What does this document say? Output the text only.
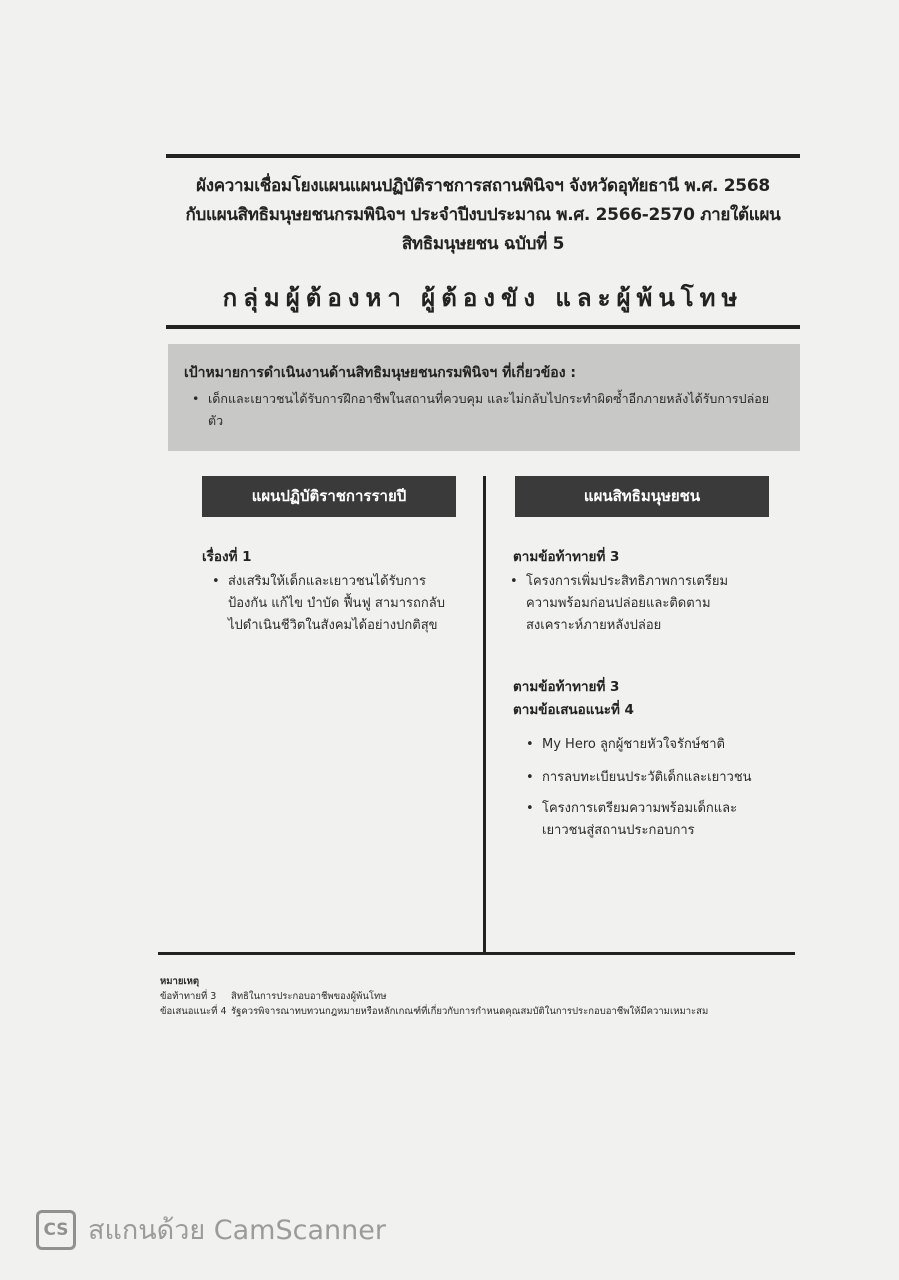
ผังความเชื่อมโยงแผนแผนปฏิบัติราชการสถานพินิจฯ จังหวัดอุทัยธานี พ.ศ. 2568
กับแผนสิทธิมนุษยชนกรมพินิจฯ ประจำปีงบประมาณ พ.ศ. 2566-2570 ภายใต้แผน
สิทธิมนุษยชน ฉบับที่ 5
กลุ่มผู้ต้องหา ผู้ต้องขัง และผู้พ้นโทษ
เป้าหมายการดำเนินงานด้านสิทธิมนุษยชนกรมพินิจฯ ที่เกี่ยวข้อง :
• เด็กและเยาวชนได้รับการฝึกอาชีพในสถานที่ควบคุม และไม่กลับไปกระทำผิดซ้ำอีกภายหลังได้รับการปล่อยตัว
แผนปฏิบัติราชการรายปี	แผนสิทธิมนุษยชน
เรื่องที่ 1
• ส่งเสริมให้เด็กและเยาวชนได้รับการป้องกัน แก้ไข บำบัด ฟื้นฟู สามารถกลับไปดำเนินชีวิตในสังคมได้อย่างปกติสุข
ตามข้อท้าทายที่ 3
• โครงการเพิ่มประสิทธิภาพการเตรียมความพร้อมก่อนปล่อยและติดตามสงเคราะห์ภายหลังปล่อย
ตามข้อท้าทายที่ 3
ตามข้อเสนอแนะที่ 4
• My Hero ลูกผู้ชายหัวใจรักษ์ชาติ
• การลบทะเบียนประวัติเด็กและเยาวชน
• โครงการเตรียมความพร้อมเด็กและเยาวชนสู่สถานประกอบการ
หมายเหตุ
ข้อท้าทายที่ 3 สิทธิในการประกอบอาชีพของผู้พ้นโทษ
ข้อเสนอแนะที่ 4 รัฐควรพิจารณาทบทวนกฎหมายหรือหลักเกณฑ์ที่เกี่ยวกับการกำหนดคุณสมบัติในการประกอบอาชีพให้มีความเหมาะสม
CS สแกนด้วย CamScanner
